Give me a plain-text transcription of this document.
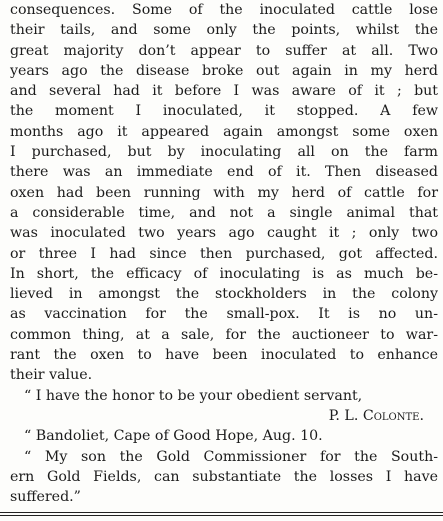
consequences. Some of the inoculated cattle lose
their tails, and some only the points, whilst the
great majority don’t appear to suffer at all. Two
years ago the disease broke out again in my herd
and several had it before I was aware of it ; but
the moment I inoculated, it stopped. A few
months ago it appeared again amongst some oxen
I purchased, but by inoculating all on the farm
there was an immediate end of it. Then diseased
oxen had been running with my herd of cattle for
a considerable time, and not a single animal that
was inoculated two years ago caught it ; only two
or three I had since then purchased, got affected.
In short, the efficacy of inoculating is as much be-
lieved in amongst the stockholders in the colony
as vaccination for the small-pox. It is no un-
common thing, at a sale, for the auctioneer to war-
rant the oxen to have been inoculated to enhance
their value.
“ I have the honor to be your obedient servant,
P. L. Colonte.
“ Bandoliet, Cape of Good Hope, Aug. 10.
“ My son the Gold Commissioner for the South-
ern Gold Fields, can substantiate the losses I have
suffered.”
